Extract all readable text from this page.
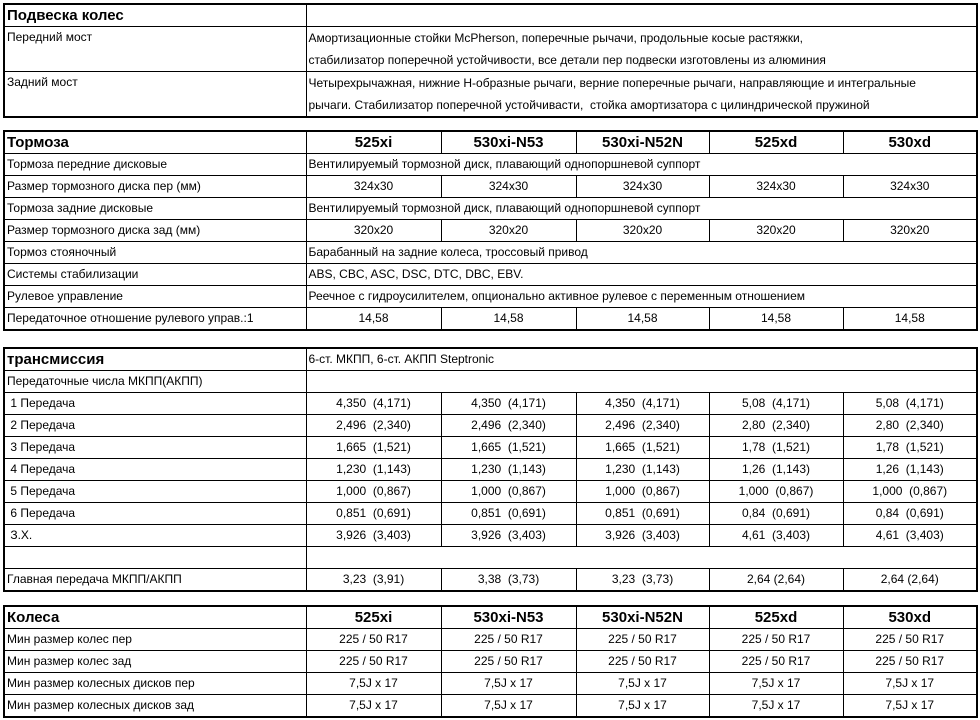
Подвеска колес	
Передний мост	Амортизационные стойки McPherson, поперечные рычачи, продольные косые растяжки,
стабилизатор поперечной устойчивости, все детали пер подвески изготовлены из алюминия

Задний мост	Четырехрычажная, нижние Н-образные рычаги, верние поперечные рычаги, направляющие и интегральные
рычаги. Стабилизатор поперечной устойчивасти,  стойка амортизатора с цилиндрической пружиной
Тормоза	525xi	530xi-N53	530xi-N52N	525xd	530xd
Тормоза передние дисковые	Вентилируемый тормозной диск, плавающий однопоршневой суппорт				
Размер тормозного диска пер (мм)	324x30	324x30	324x30	324x30	324x30
Тормоза задние дисковые	Вентилируемый тормозной диск, плавающий однопоршневой суппорт				
Размер тормозного диска зад (мм)	320x20	320x20	320x20	320x20	320x20
Тормоз стояночный	Барабанный на задние колеса, троссовый привод				
Системы стабилизации	ABS, CBC, ASC, DSC, DTC, DBC, EBV.				
Рулевое управление	Реечное с гидроусилителем, опционально активное рулевое с переменным отношением				
Передаточное отношение рулевого управ.:1	14,58	14,58	14,58	14,58	14,58
трансмиссия	6-ст. МКПП, 6-ст. АКПП Steptronic				
Передаточные числа МКПП(АКПП)					
1 Передача	4,350  (4,171)	4,350  (4,171)	4,350  (4,171)	5,08  (4,171)	5,08  (4,171)
2 Передача	2,496  (2,340)	2,496  (2,340)	2,496  (2,340)	2,80  (2,340)	2,80  (2,340)
3 Передача	1,665  (1,521)	1,665  (1,521)	1,665  (1,521)	1,78  (1,521)	1,78  (1,521)
4 Передача	1,230  (1,143)	1,230  (1,143)	1,230  (1,143)	1,26  (1,143)	1,26  (1,143)
5 Передача	1,000  (0,867)	1,000  (0,867)	1,000  (0,867)	1,000  (0,867)	1,000  (0,867)
6 Передача	0,851  (0,691)	0,851  (0,691)	0,851  (0,691)	0,84  (0,691)	0,84  (0,691)
З.Х.	3,926  (3,403)	3,926  (3,403)	3,926  (3,403)	4,61  (3,403)	4,61  (3,403)

Главная передача МКПП/АКПП	3,23  (3,91)	3,38  (3,73)	3,23  (3,73)	2,64 (2,64)	2,64 (2,64)
Колеса	525xi	530xi-N53	530xi-N52N	525xd	530xd
Мин размер колес пер	225 / 50 R17	225 / 50 R17	225 / 50 R17	225 / 50 R17	225 / 50 R17
Мин размер колес зад	225 / 50 R17	225 / 50 R17	225 / 50 R17	225 / 50 R17	225 / 50 R17
Мин размер колесных дисков пер	7,5J x 17	7,5J x 17	7,5J x 17	7,5J x 17	7,5J x 17
Мин размер колесных дисков зад	7,5J x 17	7,5J x 17	7,5J x 17	7,5J x 17	7,5J x 17
